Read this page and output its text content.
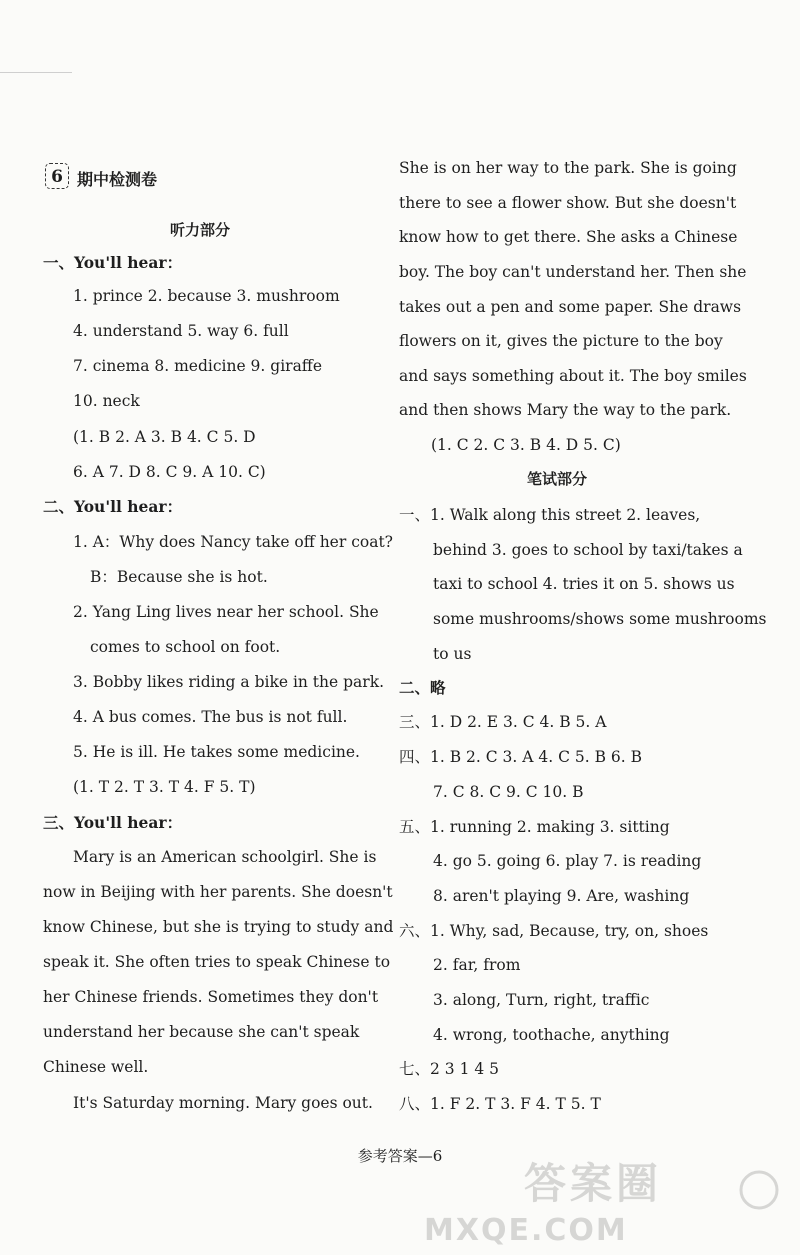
6 期中检测卷
听力部分
一、You'll hear：
1. prince 2. because 3. mushroom
4. understand 5. way 6. full
7. cinema 8. medicine 9. giraffe
10. neck
(1. B 2. A 3. B 4. C 5. D
6. A 7. D 8. C 9. A 10. C)
二、You'll hear：
1. A：Why does Nancy take off her coat?
B：Because she is hot.
2. Yang Ling lives near her school. She
comes to school on foot.
3. Bobby likes riding a bike in the park.
4. A bus comes. The bus is not full.
5. He is ill. He takes some medicine.
(1. T 2. T 3. T 4. F 5. T)
三、You'll hear：
Mary is an American schoolgirl. She is
now in Beijing with her parents. She doesn't
know Chinese, but she is trying to study and
speak it. She often tries to speak Chinese to
her Chinese friends. Sometimes they don't
understand her because she can't speak
Chinese well.
It's Saturday morning. Mary goes out.
She is on her way to the park. She is going
there to see a flower show. But she doesn't
know how to get there. She asks a Chinese
boy. The boy can't understand her. Then she
takes out a pen and some paper. She draws
flowers on it, gives the picture to the boy
and says something about it. The boy smiles
and then shows Mary the way to the park.
(1. C 2. C 3. B 4. D 5. C)
笔试部分
一、1. Walk along this street 2. leaves,
behind 3. goes to school by taxi/takes a
taxi to school 4. tries it on 5. shows us
some mushrooms/shows some mushrooms
to us
二、略
三、1. D 2. E 3. C 4. B 5. A
四、1. B 2. C 3. A 4. C 5. B 6. B
7. C 8. C 9. C 10. B
五、1. running 2. making 3. sitting
4. go 5. going 6. play 7. is reading
8. aren't playing 9. Are, washing
六、1. Why, sad, Because, try, on, shoes
2. far, from
3. along, Turn, right, traffic
4. wrong, toothache, anything
七、2 3 1 4 5
八、1. F 2. T 3. F 4. T 5. T
参考答案—6
答案圈
MXQE.COM
